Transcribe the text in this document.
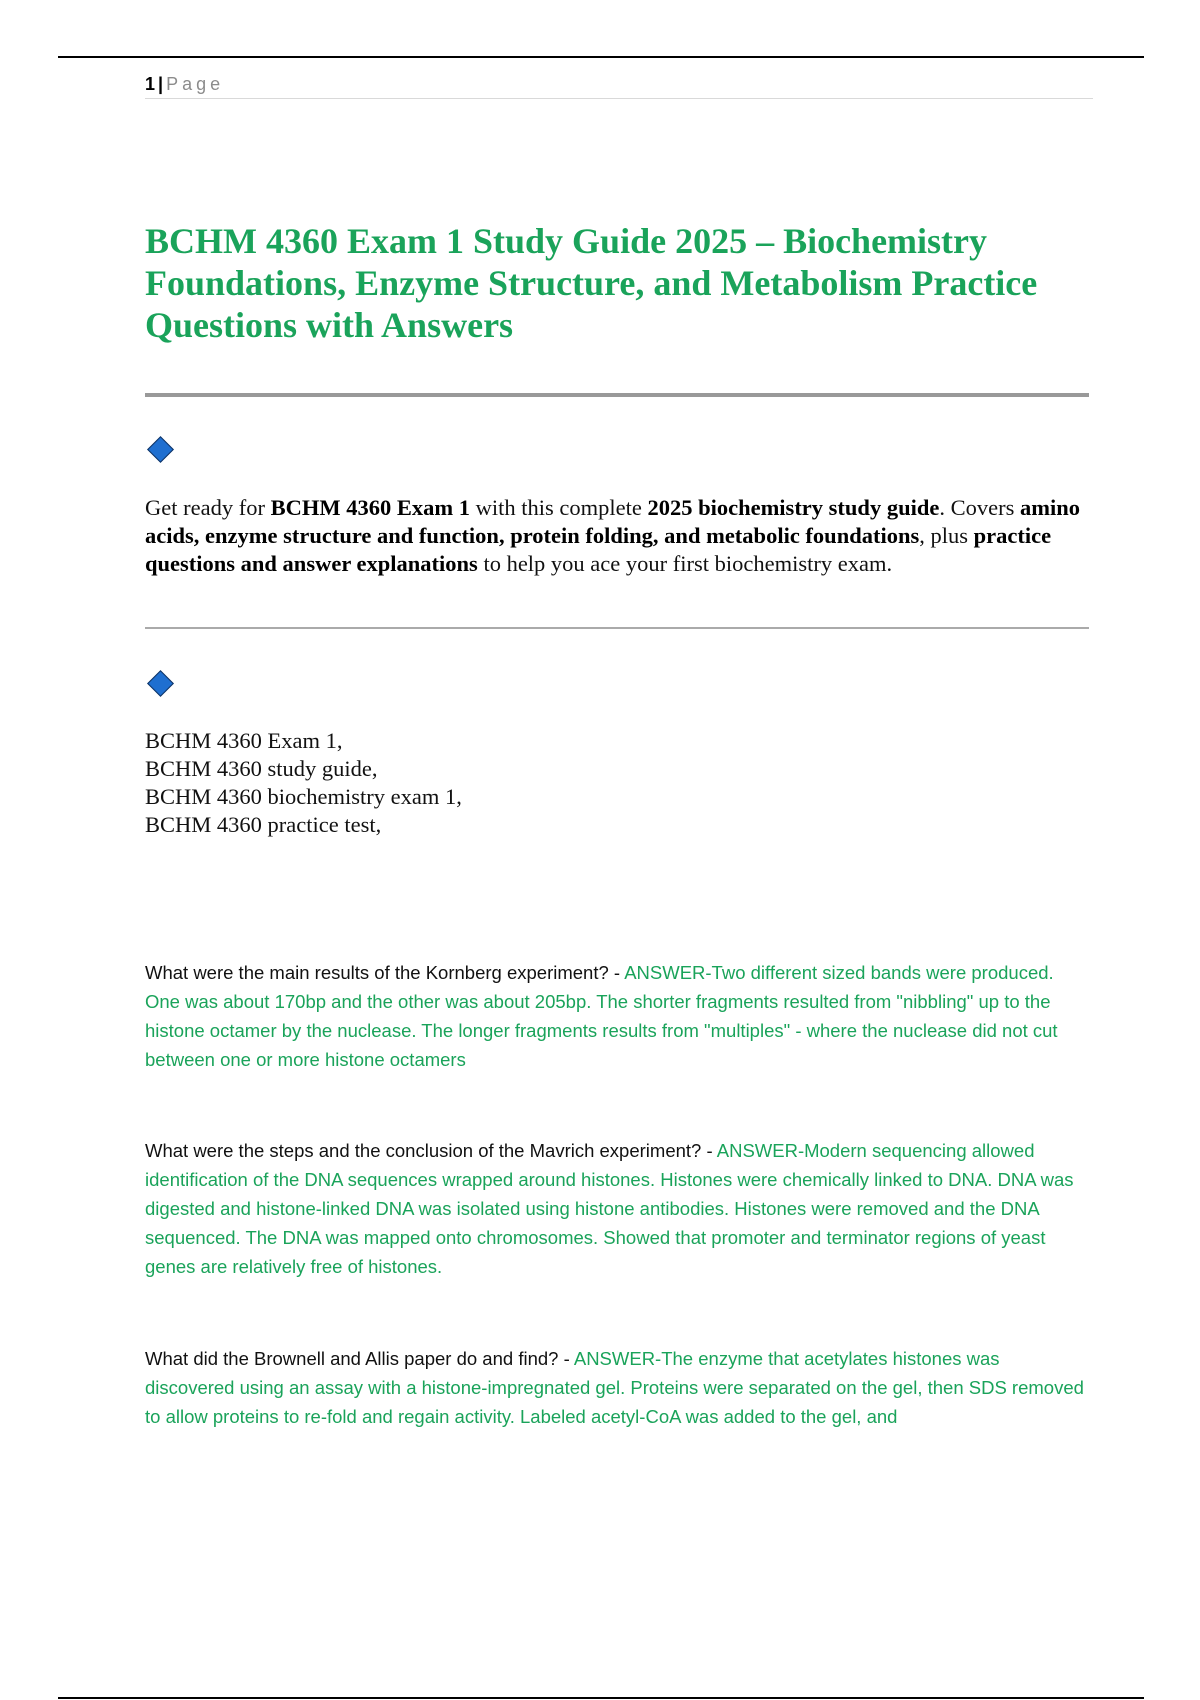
1 | Page
BCHM 4360 Exam 1 Study Guide 2025 – Biochemistry Foundations, Enzyme Structure, and Metabolism Practice Questions with Answers

Get ready for BCHM 4360 Exam 1 with this complete 2025 biochemistry study guide. Covers amino acids, enzyme structure and function, protein folding, and metabolic foundations, plus practice questions and answer explanations to help you ace your first biochemistry exam.

BCHM 4360 Exam 1,
BCHM 4360 study guide,
BCHM 4360 biochemistry exam 1,
BCHM 4360 practice test,

What were the main results of the Kornberg experiment? - ANSWER-Two different sized bands were produced. One was about 170bp and the other was about 205bp. The shorter fragments resulted from "nibbling" up to the histone octamer by the nuclease. The longer fragments results from "multiples" - where the nuclease did not cut between one or more histone octamers

What were the steps and the conclusion of the Mavrich experiment? - ANSWER-Modern sequencing allowed identification of the DNA sequences wrapped around histones. Histones were chemically linked to DNA. DNA was digested and histone-linked DNA was isolated using histone antibodies. Histones were removed and the DNA sequenced. The DNA was mapped onto chromosomes. Showed that promoter and terminator regions of yeast genes are relatively free of histones.

What did the Brownell and Allis paper do and find? - ANSWER-The enzyme that acetylates histones was discovered using an assay with a histone-impregnated gel. Proteins were separated on the gel, then SDS removed to allow proteins to re-fold and regain activity. Labeled acetyl-CoA was added to the gel, and
